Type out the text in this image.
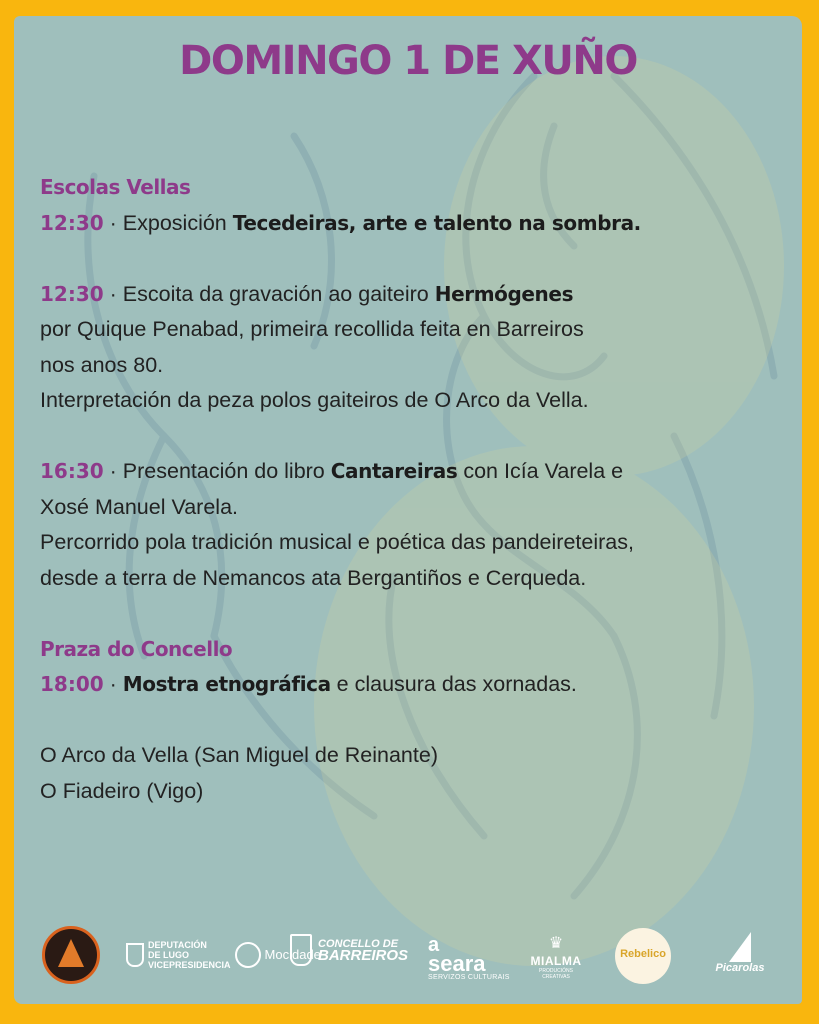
DOMINGO 1 DE XUÑO
Escolas Vellas
12:30 · Exposición Tecedeiras, arte e talento na sombra.
12:30 · Escoita da gravación ao gaiteiro Hermógenes
por Quique Penabad, primeira recollida feita en Barreiros
nos anos 80.
Interpretación da peza polos gaiteiros de O Arco da Vella.
16:30 · Presentación do libro Cantareiras con Icía Varela e
Xosé Manuel Varela.
Percorrido pola tradición musical e poética das pandeireteiras,
desde a terra de Nemancos ata Bergantiños e Cerqueda.
Praza do Concello
18:00 · Mostra etnográfica e clausura das xornadas.
O Arco da Vella (San Miguel de Reinante)
O Fiadeiro (Vigo)
DEPUTACIÓN
DE LUGO
VICEPRESIDENCIAMocidade
CONCELLO DE
BARREIROS a
seara
SERVIZOS CULTURAIS
♛
MIALMA
PRODUCIÓNS CREATIVAS
Rebelico
Picarolas
